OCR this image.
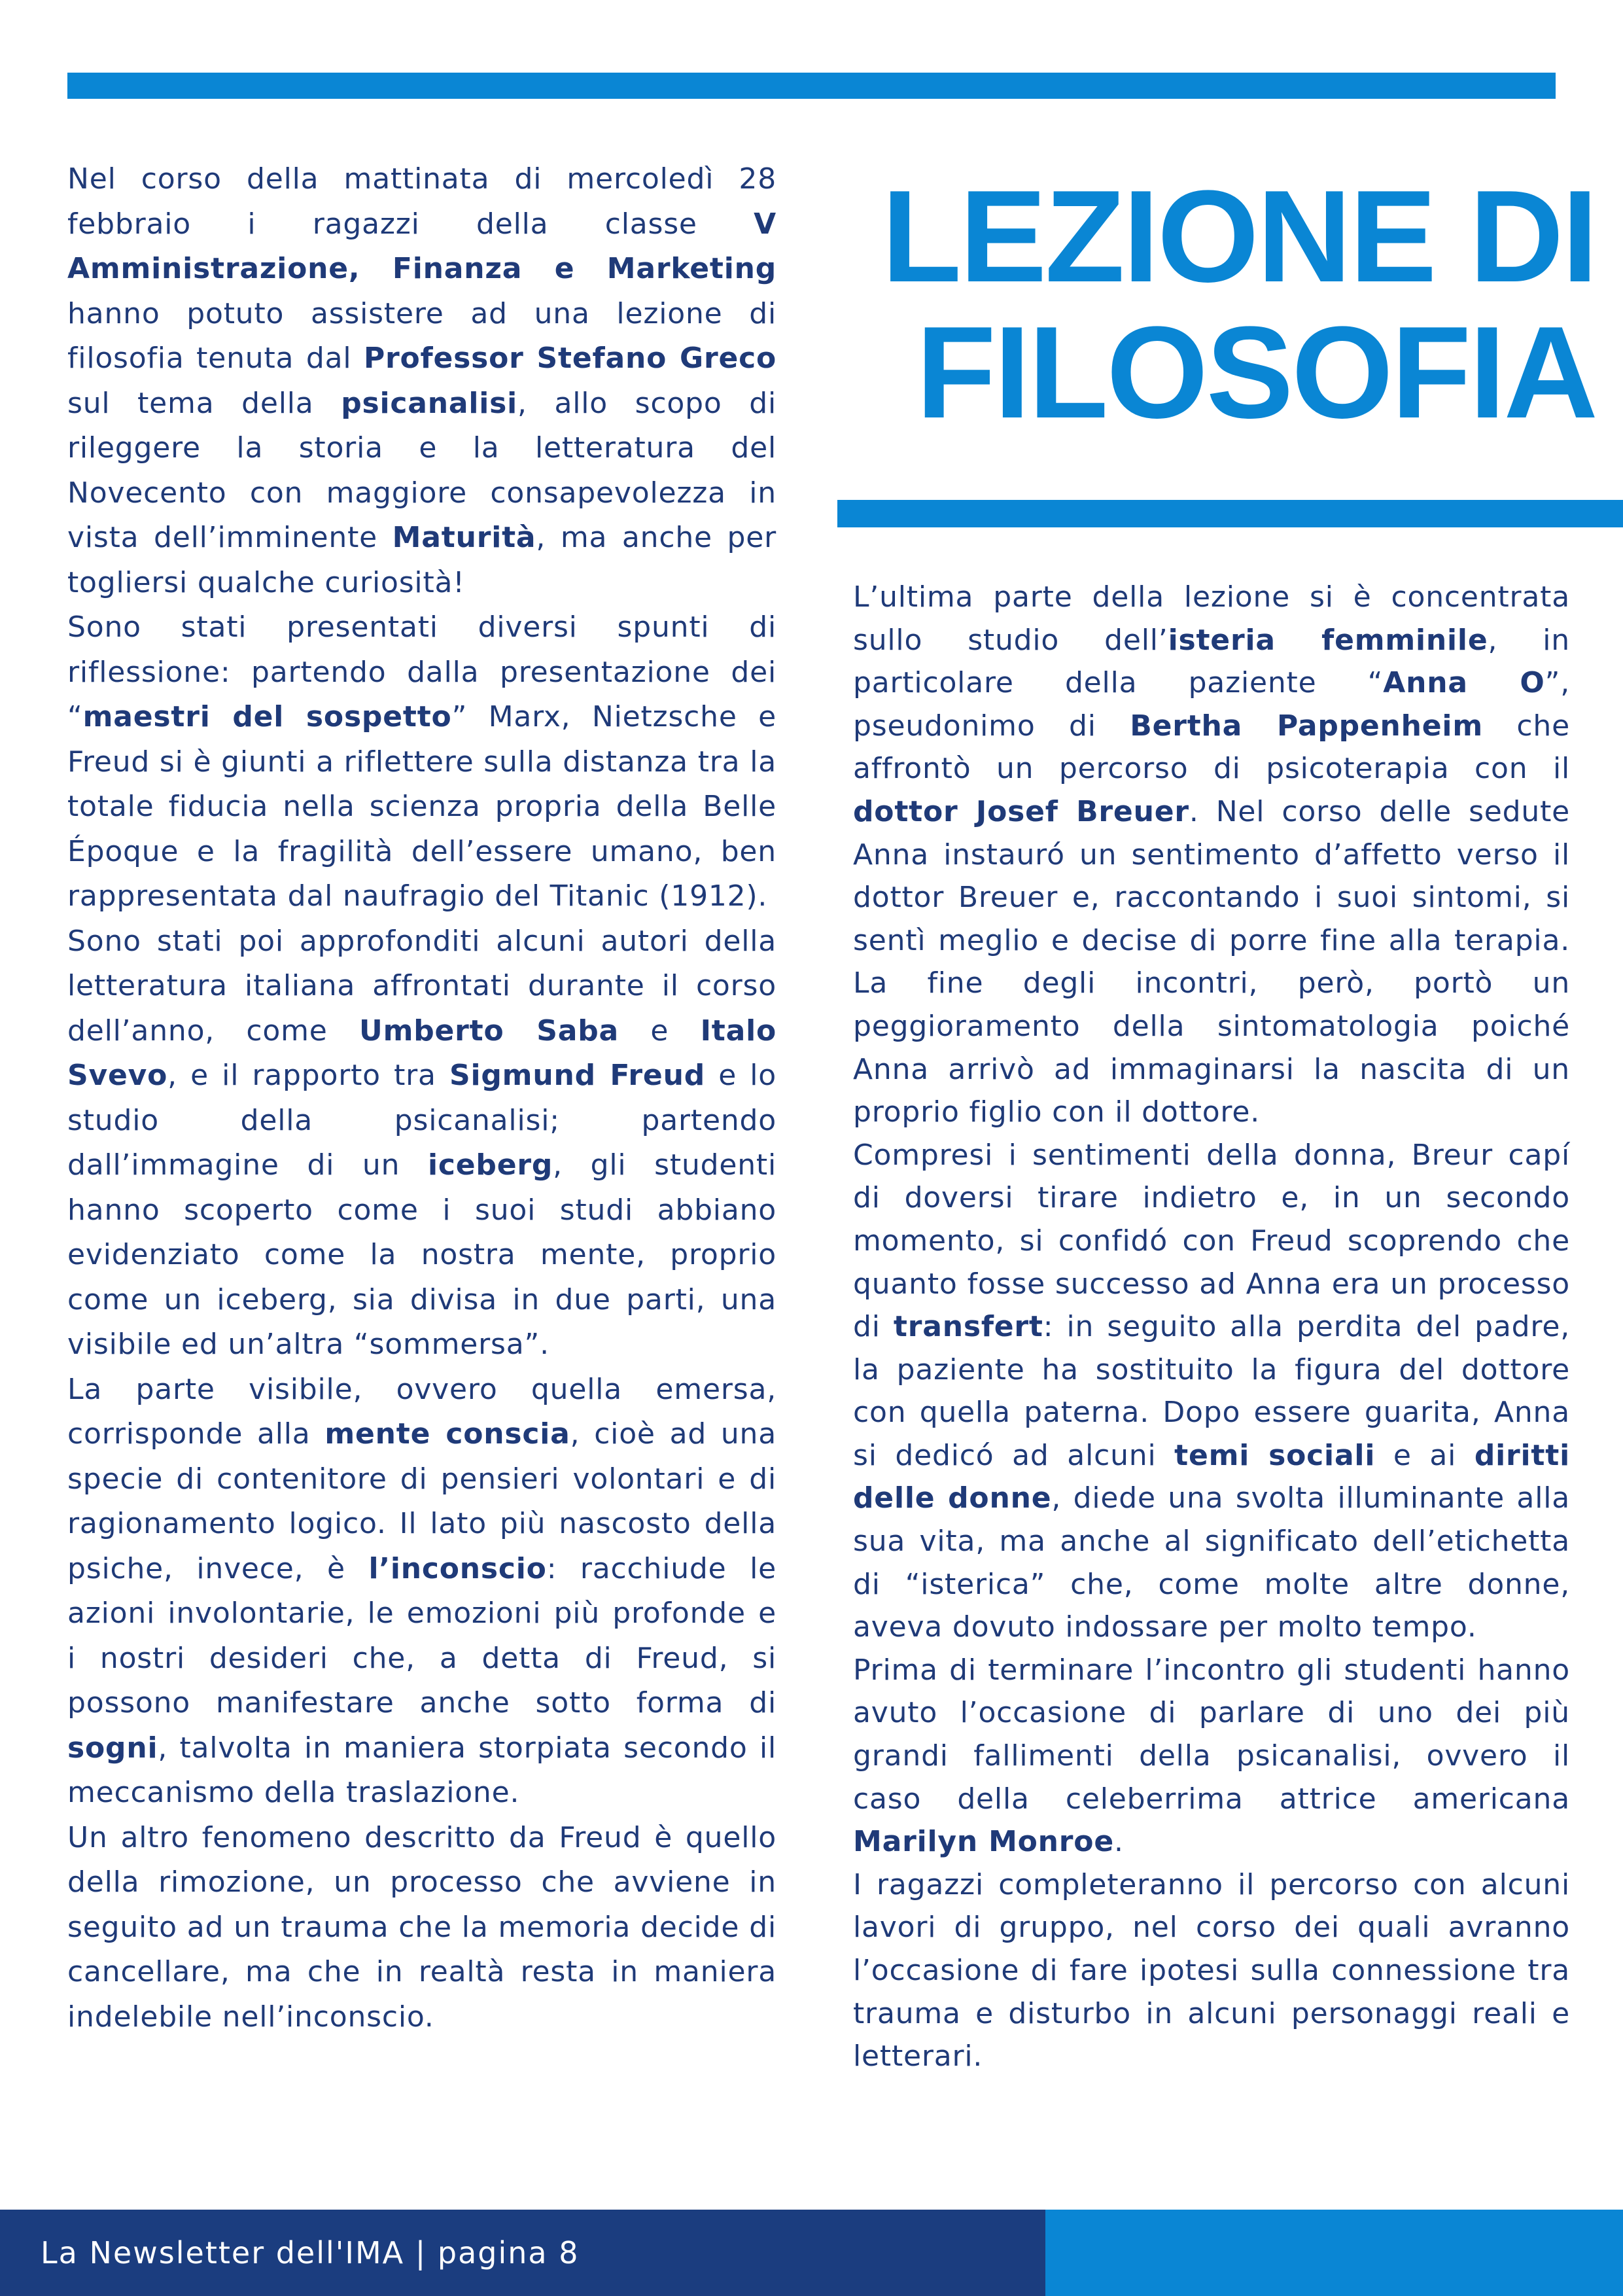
LEZIONE DI
FILOSOFIA

Nel corso della mattinata di mercoledì 28 febbraio i ragazzi della classe V Amministrazione, Finanza e Marketing hanno potuto assistere ad una lezione di filosofia tenuta dal Professor Stefano Greco sul tema della psicanalisi, allo scopo di rileggere la storia e la letteratura del Novecento con maggiore consapevolezza in vista dell’imminente Maturità, ma anche per togliersi qualche curiosità!

Sono stati presentati diversi spunti di riflessione: partendo dalla presentazione dei “maestri del sospetto” Marx, Nietzsche e Freud si è giunti a riflettere sulla distanza tra la totale fiducia nella scienza propria della Belle Époque e la fragilità dell’essere umano, ben rappresentata dal naufragio del Titanic (1912).

Sono stati poi approfonditi alcuni autori della letteratura italiana affrontati durante il corso dell’anno, come Umberto Saba e Italo Svevo, e il rapporto tra Sigmund Freud e lo studio della psicanalisi; partendo dall’immagine di un iceberg, gli studenti hanno scoperto come i suoi studi abbiano evidenziato come la nostra mente, proprio come un iceberg, sia divisa in due parti, una visibile ed un’altra “sommersa”.

La parte visibile, ovvero quella emersa, corrisponde alla mente conscia, cioè ad una specie di contenitore di pensieri volontari e di ragionamento logico. Il lato più nascosto della psiche, invece, è l’inconscio: racchiude le azioni involontarie, le emozioni più profonde e i nostri desideri che, a detta di Freud, si possono manifestare anche sotto forma di sogni, talvolta in maniera storpiata secondo il meccanismo della traslazione.

Un altro fenomeno descritto da Freud è quello della rimozione, un processo che avviene in seguito ad un trauma che la memoria decide di cancellare, ma che in realtà resta in maniera indelebile nell’inconscio.

L’ultima parte della lezione si è concentrata sullo studio dell’isteria femminile, in particolare della paziente “Anna O”, pseudonimo di Bertha Pappenheim che affrontò un percorso di psicoterapia con il dottor Josef Breuer. Nel corso delle sedute Anna instauró un sentimento d’affetto verso il dottor Breuer e, raccontando i suoi sintomi, si sentì meglio e decise di porre fine alla terapia. La fine degli incontri, però, portò un peggioramento della sintomatologia poiché Anna arrivò ad immaginarsi la nascita di un proprio figlio con il dottore.

Compresi i sentimenti della donna, Breur capí di doversi tirare indietro e, in un secondo momento, si confidó con Freud scoprendo che quanto fosse successo ad Anna era un processo di transfert: in seguito alla perdita del padre, la paziente ha sostituito la figura del dottore con quella paterna. Dopo essere guarita, Anna si dedicó ad alcuni temi sociali e ai diritti delle donne, diede una svolta illuminante alla sua vita, ma anche al significato dell’etichetta di “isterica” che, come molte altre donne, aveva dovuto indossare per molto tempo.

Prima di terminare l’incontro gli studenti hanno avuto l’occasione di parlare di uno dei più grandi fallimenti della psicanalisi, ovvero il caso della celeberrima attrice americana Marilyn Monroe.

I ragazzi completeranno il percorso con alcuni lavori di gruppo, nel corso dei quali avranno l’occasione di fare ipotesi sulla connessione tra trauma e disturbo in alcuni personaggi reali e letterari.

La Newsletter dell'IMA | pagina 8
